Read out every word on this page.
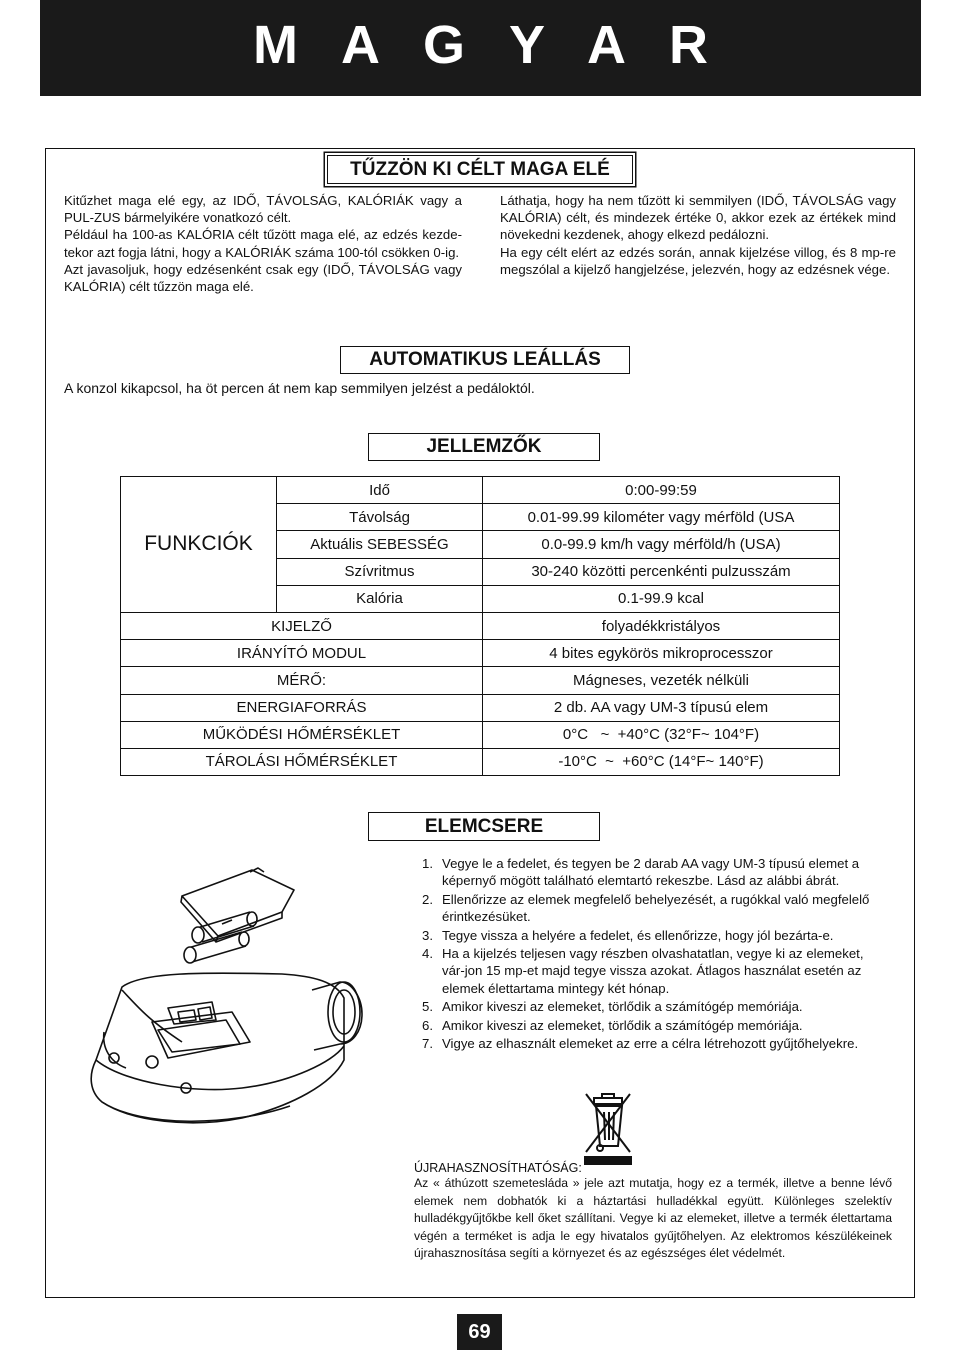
M   A   G   Y   A   R
TŰZZÖN KI CÉLT MAGA ELÉ
Kitűzhet maga elé egy, az IDŐ, TÁVOLSÁG, KALÓRIÁK vagy a PUL-ZUS bármelyikére vonatkozó célt.
Például ha 100-as KALÓRIA célt tűzött maga elé, az edzés kezde-tekor azt fogja látni, hogy a KALÓRIÁK száma 100-tól csökken 0-ig.
Azt javasoljuk, hogy edzésenként csak egy (IDŐ, TÁVOLSÁG vagy KALÓRIA) célt tűzzön maga elé.
Láthatja, hogy ha nem tűzött ki semmilyen (IDŐ, TÁVOLSÁG vagy KALÓRIA) célt, és mindezek értéke 0, akkor ezek az értékek mind növekedni kezdenek, ahogy elkezd pedálozni.
Ha egy célt elért az edzés során, annak kijelzése villog, és 8 mp-re megszólal a kijelző hangjelzése, jelezvén, hogy az edzésnek vége.
AUTOMATIKUS LEÁLLÁS
A konzol kikapcsol, ha öt percen át nem kap semmilyen jelzést a pedáloktól.
JELLEMZŐK
FUNKCIÓK	Idő	0:00-99:59
	Távolság	0.01-99.99 kilométer vagy mérföld (USA
	Aktuális SEBESSÉG	0.0-99.9 km/h vagy mérföld/h (USA)
	Szívritmus	30-240 közötti percenkénti pulzusszám
	Kalória	0.1-99.9 kcal
KIJELZŐ		folyadékkristályos
IRÁNYÍTÓ MODUL		4 bites egykörös mikroprocesszor
MÉRŐ:		Mágneses, vezeték nélküli
ENERGIAFORRÁS		2 db. AA vagy UM-3 típusú elem
MŰKÖDÉSI HŐMÉRSÉKLET		0°C   ~  +40°C (32°F~ 104°F)
TÁROLÁSI HŐMÉRSÉKLET		-10°C  ~  +60°C (14°F~ 140°F)
ELEMCSERE
1. Vegye le a fedelet, és tegyen be 2 darab AA vagy UM-3 típusú elemet a képernyő mögött található elemtartó rekeszbe. Lásd az alábbi ábrát.
2. Ellenőrizze az elemek megfelelő behelyezését, a rugókkal való megfelelő érintkezésüket.
3. Tegye vissza a helyére a fedelet, és ellenőrizze, hogy jól bezárta-e.
4. Ha a kijelzés teljesen vagy részben olvashatatlan, vegye ki az elemeket, vár-jon 15 mp-et majd tegye vissza azokat. Átlagos használat esetén az elemek élettartama mintegy két hónap.
5. Amikor kiveszi az elemeket, törlődik a számítógép memóriája.
6. Amikor kiveszi az elemeket, törlődik a számítógép memóriája.
7. Vigye az elhasznált elemeket az erre a célra létrehozott gyűjtőhelyekre.
ÚJRAHASZNOSÍTHATÓSÁG:
Az « áthúzott szemetesláda » jele azt mutatja, hogy ez a termék, illetve a benne lévő elemek nem dobhatók ki a háztartási hulladékkal együtt. Különleges szelektív hulladékgyűjtőkbe kell őket szállítani. Vegye ki az elemeket, illetve a termék élettartama végén a terméket is adja le egy hivatalos gyűjtőhelyen. Az elektromos készülékeinek újrahasznosítása segíti a környezet és az egészséges élet védelmét.
69
